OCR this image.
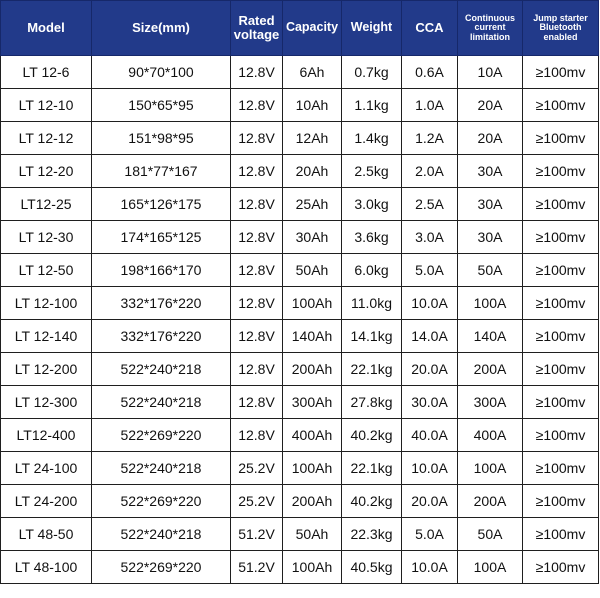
Model	Size(mm)	Rated voltage	Capacity	Weight	CCA	Continuous current limitation	Jump starter Bluetooth enabled
LT 12-6	90*70*100	12.8V	6Ah	0.7kg	0.6A	10A	≥100mv
LT 12-10	150*65*95	12.8V	10Ah	1.1kg	1.0A	20A	≥100mv
LT 12-12	151*98*95	12.8V	12Ah	1.4kg	1.2A	20A	≥100mv
LT 12-20	181*77*167	12.8V	20Ah	2.5kg	2.0A	30A	≥100mv
LT12-25	165*126*175	12.8V	25Ah	3.0kg	2.5A	30A	≥100mv
LT 12-30	174*165*125	12.8V	30Ah	3.6kg	3.0A	30A	≥100mv
LT 12-50	198*166*170	12.8V	50Ah	6.0kg	5.0A	50A	≥100mv
LT 12-100	332*176*220	12.8V	100Ah	11.0kg	10.0A	100A	≥100mv
LT 12-140	332*176*220	12.8V	140Ah	14.1kg	14.0A	140A	≥100mv
LT 12-200	522*240*218	12.8V	200Ah	22.1kg	20.0A	200A	≥100mv
LT 12-300	522*240*218	12.8V	300Ah	27.8kg	30.0A	300A	≥100mv
LT12-400	522*269*220	12.8V	400Ah	40.2kg	40.0A	400A	≥100mv
LT 24-100	522*240*218	25.2V	100Ah	22.1kg	10.0A	100A	≥100mv
LT 24-200	522*269*220	25.2V	200Ah	40.2kg	20.0A	200A	≥100mv
LT 48-50	522*240*218	51.2V	50Ah	22.3kg	5.0A	50A	≥100mv
LT 48-100	522*269*220	51.2V	100Ah	40.5kg	10.0A	100A	≥100mv
